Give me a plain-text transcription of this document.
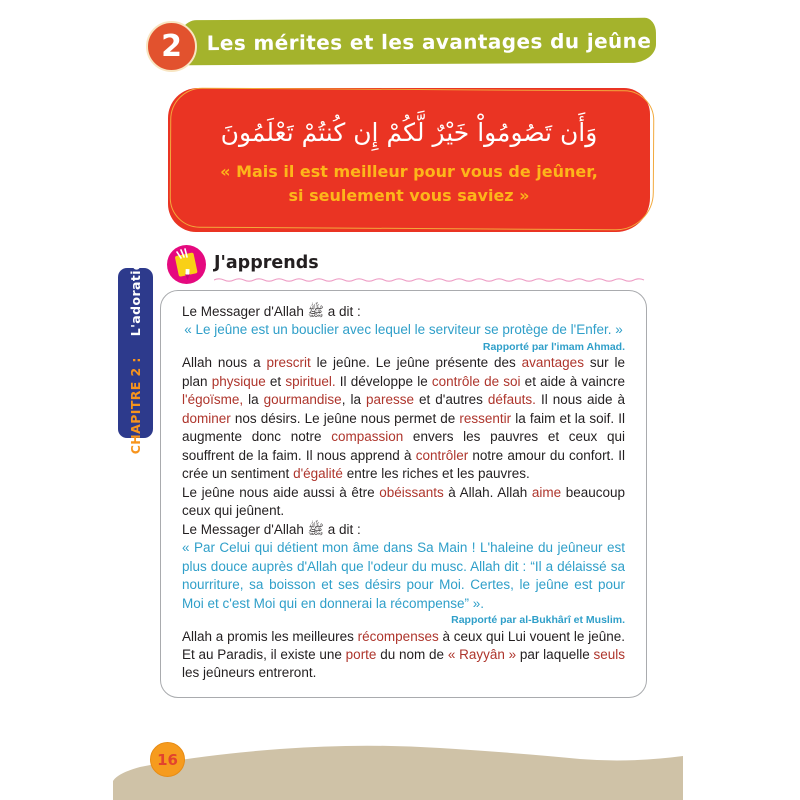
Les mérites et les avantages du jeûne
2
وَأَن تَصُومُواْ خَيْرٌ لَّكُمْ إِن كُنتُمْ تَعْلَمُونَ
« Mais il est meilleur pour vous de jeûner,
si seulement vous saviez »
J'apprends
CHAPITRE 2 : L'adoration	Le Messager d'Allah ﷺ a dit :

« Le jeûne est un bouclier avec lequel le serviteur se protège de l'Enfer. »

Rapporté par l'imam Ahmad.

Allah nous a prescrit le jeûne. Le jeûne présente des avantages sur le plan physique et spirituel. Il développe le contrôle de soi et aide à vaincre l'égoïsme, la gourmandise, la paresse et d'autres défauts. Il nous aide à dominer nos désirs. Le jeûne nous permet de ressentir la faim et la soif. Il augmente donc notre compassion envers les pauvres et ceux qui souffrent de la faim. Il nous apprend à contrôler notre amour du confort. Il crée un sentiment d'égalité entre les riches et les pauvres.

Le jeûne nous aide aussi à être obéissants à Allah. Allah aime beaucoup ceux qui jeûnent.

Le Messager d'Allah ﷺ a dit :

« Par Celui qui détient mon âme dans Sa Main ! L'haleine du jeûneur est plus douce auprès d'Allah que l'odeur du musc. Allah dit : “Il a délaissé sa nourriture, sa boisson et ses désirs pour Moi. Certes, le jeûne est pour Moi et c'est Moi qui en donnerai la récompense” ».

Rapporté par al-Bukhârî et Muslim.

Allah a promis les meilleures récompenses à ceux qui Lui vouent le jeûne. Et au Paradis, il existe une porte du nom de « Rayyân » par laquelle seuls les jeûneurs entreront.

16
